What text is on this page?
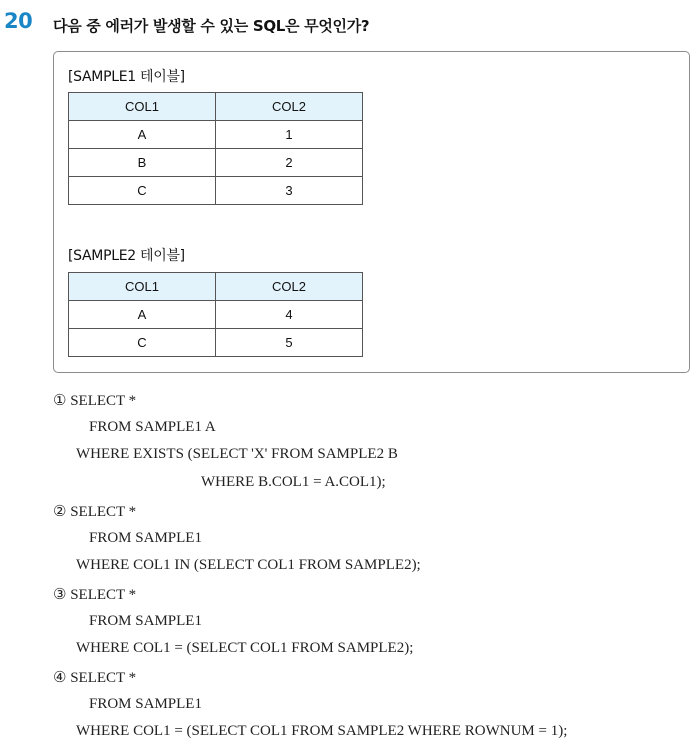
20 다음 중 에러가 발생할 수 있는 SQL은 무엇인가?
[SAMPLE1 테이블]
COL1	COL2
A	1
B	2
C	3
[SAMPLE2 테이블]
COL1	COL2
A	4
C	5
① SELECT *
FROM SAMPLE1 A
WHERE EXISTS (SELECT 'X' FROM SAMPLE2 B
WHERE B.COL1 = A.COL1);
② SELECT *
FROM SAMPLE1
WHERE COL1 IN (SELECT COL1 FROM SAMPLE2);
③ SELECT *
FROM SAMPLE1
WHERE COL1 = (SELECT COL1 FROM SAMPLE2);
④ SELECT *
FROM SAMPLE1
WHERE COL1 = (SELECT COL1 FROM SAMPLE2 WHERE ROWNUM = 1);
